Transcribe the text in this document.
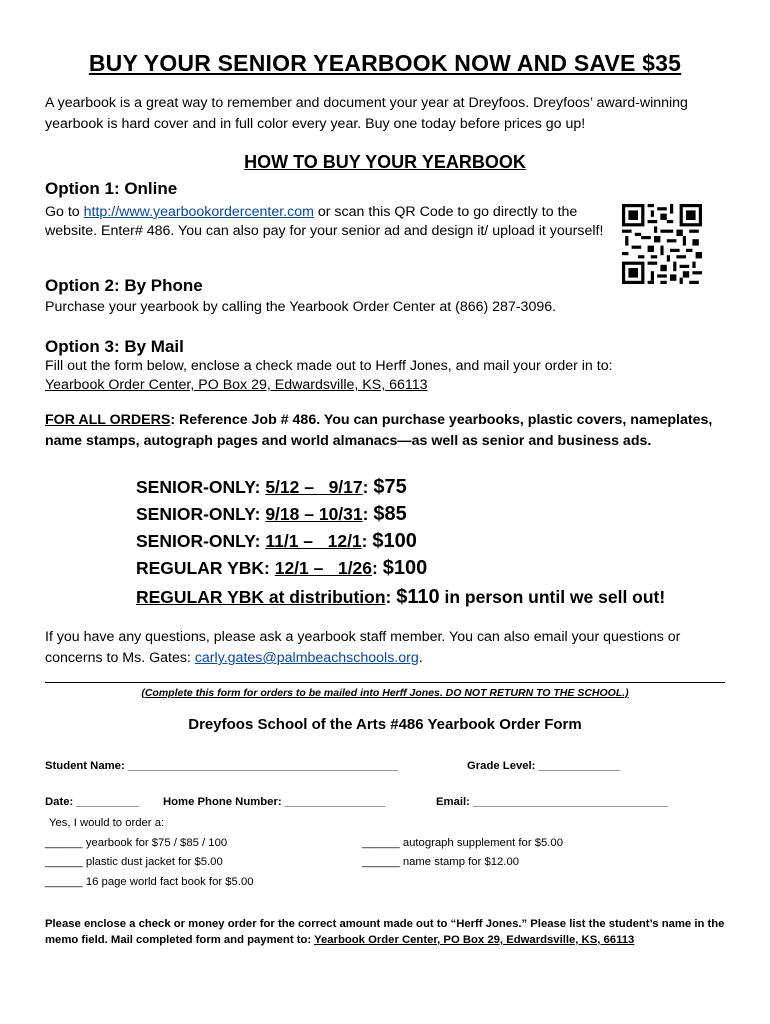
BUY YOUR SENIOR YEARBOOK NOW AND SAVE $35
A yearbook is a great way to remember and document your year at Dreyfoos. Dreyfoos’ award-winning yearbook is hard cover and in full color every year. Buy one today before prices go up!
HOW TO BUY YOUR YEARBOOK
Option 1: Online
Go to http://www.yearbookordercenter.com or scan this QR Code to go directly to the website. Enter# 486. You can also pay for your senior ad and design it/ upload it yourself!
Option 2: By Phone
Purchase your yearbook by calling the Yearbook Order Center at (866) 287-3096.
Option 3: By Mail
Fill out the form below, enclose a check made out to Herff Jones, and mail your order in to:
Yearbook Order Center, PO Box 29, Edwardsville, KS, 66113
FOR ALL ORDERS: Reference Job # 486. You can purchase yearbooks, plastic covers, nameplates, name stamps, autograph pages and world almanacs—as well as senior and business ads.
SENIOR-ONLY: 5/12 –   9/17: $75
SENIOR-ONLY: 9/18 – 10/31: $85
SENIOR-ONLY: 11/1 –   12/1: $100
REGULAR YBK: 12/1 –   1/26: $100
REGULAR YBK at distribution: $110 in person until we sell out!
If you have any questions, please ask a yearbook staff member. You can also email your questions or concerns to Ms. Gates: carly.gates@palmbeachschools.org.
(Complete this form for orders to be mailed into Herff Jones. DO NOT RETURN TO THE SCHOOL.)
Dreyfoos School of the Arts #486 Yearbook Order Form
Student Name: ___________________________________________	Grade Level: _____________
Date: __________ Home Phone Number: ________________	Email: _______________________________
Yes, I would to order a:
______ yearbook for $75 / $85 / 100	______ autograph supplement for $5.00
______ plastic dust jacket for $5.00	______ name stamp for $12.00
______ 16 page world fact book for $5.00
Please enclose a check or money order for the correct amount made out to “Herff Jones.” Please list the student’s name in the memo field. Mail completed form and payment to: Yearbook Order Center, PO Box 29, Edwardsville, KS, 66113
